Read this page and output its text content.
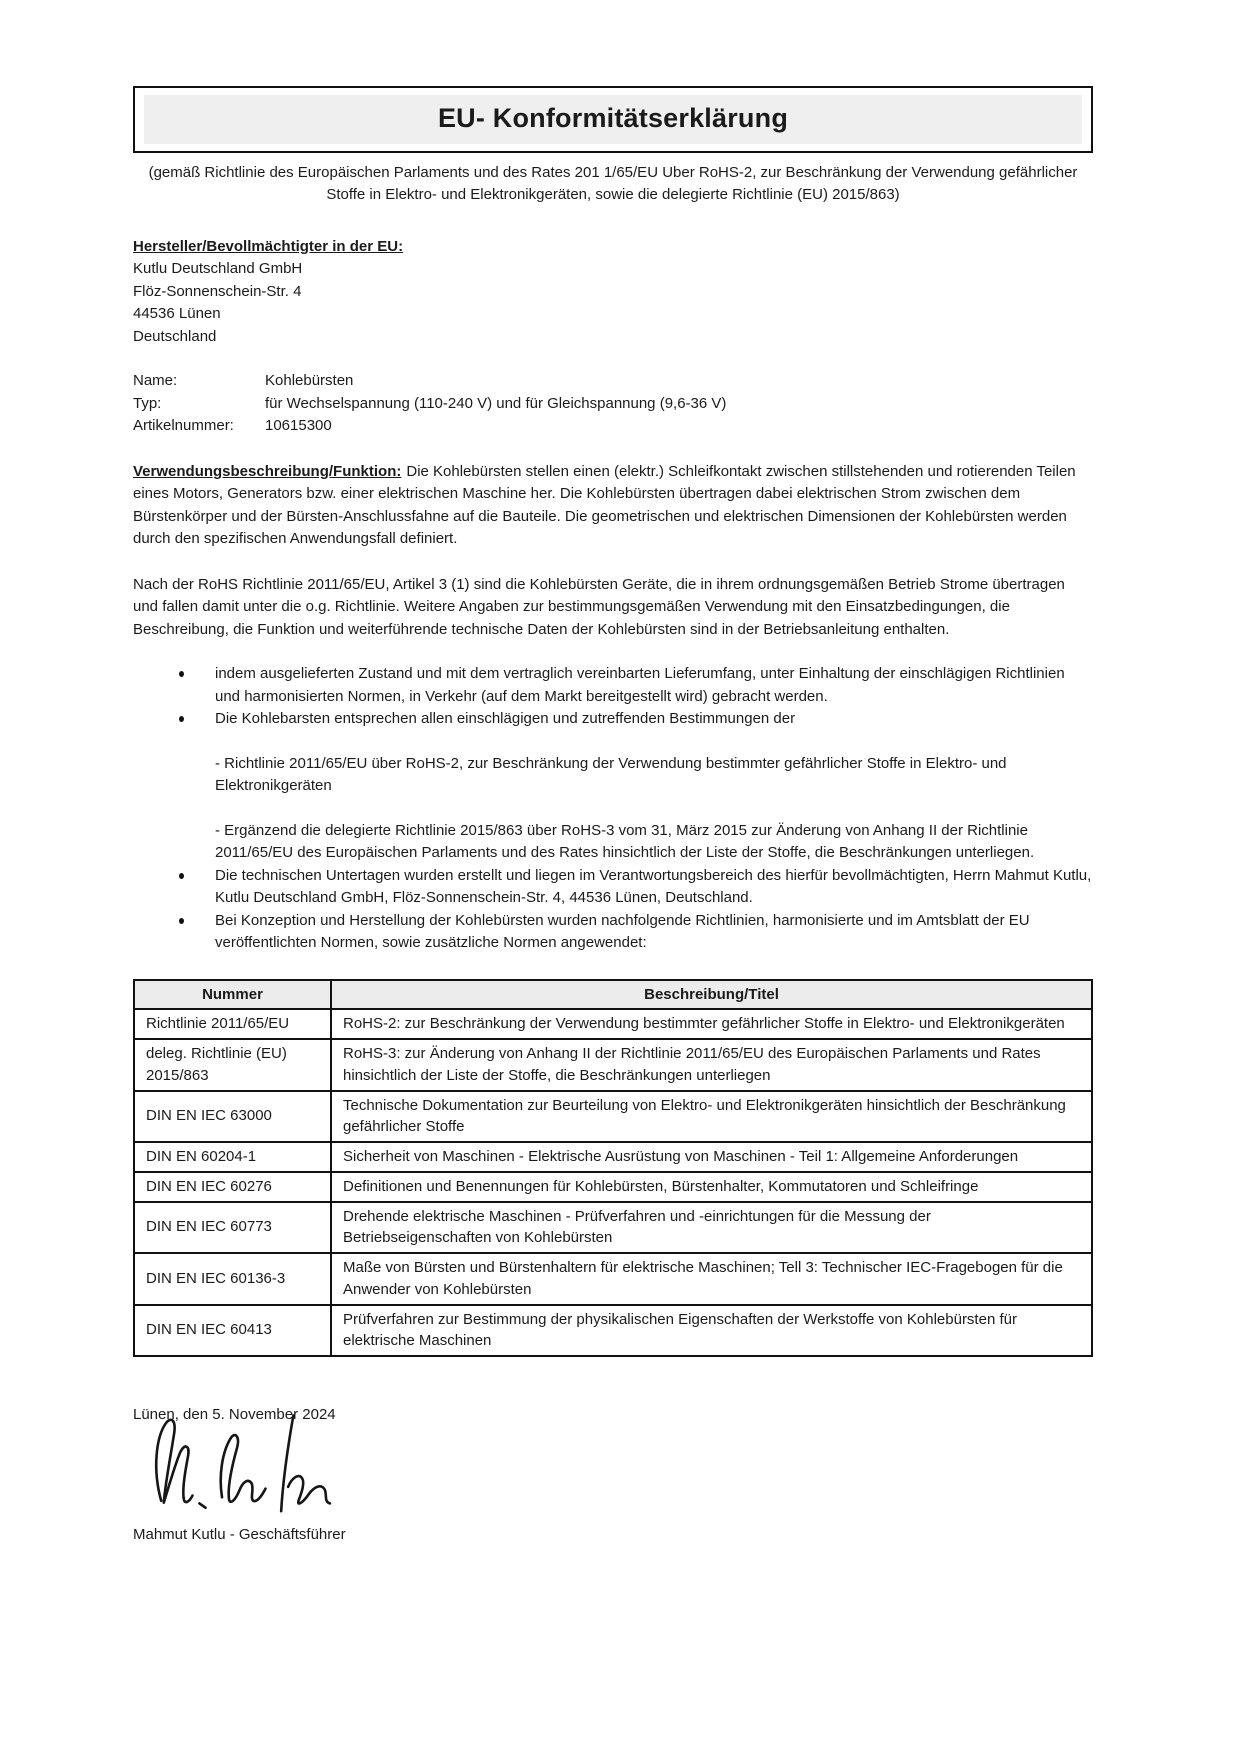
EU- Konformitätserklärung

(gemäß Richtlinie des Europäischen Parlaments und des Rates 201 1/65/EU Uber RoHS-2, zur Beschränkung der Verwendung gefährlicher Stoffe in Elektro- und Elektronikgeräten, sowie die delegierte Richtlinie (EU) 2015/863)

Hersteller/Bevollmächtigter in der EU:
Kutlu Deutschland GmbH
Flöz-Sonnenschein-Str. 4
44536 Lünen
Deutschland
Name:	Kohlebürsten
Typ:	für Wechselspannung (110-240 V) und für Gleichspannung (9,6-36 V)
Artikelnummer:	10615300

Verwendungsbeschreibung/Funktion: Die Kohlebürsten stellen einen (elektr.) Schleifkontakt zwischen stillstehenden und rotierenden Teilen eines Motors, Generators bzw. einer elektrischen Maschine her. Die Kohlebürsten übertragen dabei elektrischen Strom zwischen dem Bürstenkörper und der Bürsten-Anschlussfahne auf die Bauteile. Die geometrischen und elektrischen Dimensionen der Kohlebürsten werden durch den spezifischen Anwendungsfall definiert.

Nach der RoHS Richtlinie 2011/65/EU, Artikel 3 (1) sind die Kohlebürsten Geräte, die in ihrem ordnungsgemäßen Betrieb Strome übertragen und fallen damit unter die o.g. Richtlinie. Weitere Angaben zur bestimmungsgemäßen Verwendung mit den Einsatzbedingungen, die Beschreibung, die Funktion und weiterführende technische Daten der Kohlebürsten sind in der Betriebsanleitung enthalten.

indem ausgelieferten Zustand und mit dem vertraglich vereinbarten Lieferumfang, unter Einhaltung der einschlägigen Richtlinien und harmonisierten Normen, in Verkehr (auf dem Markt bereitgestellt wird) gebracht werden.
Die Kohlebarsten entsprechen allen einschlägigen und zutreffenden Bestimmungen der
- Richtlinie 2011/65/EU über RoHS-2, zur Beschränkung der Verwendung bestimmter gefährlicher Stoffe in Elektro- und Elektronikgeräten
- Ergänzend die delegierte Richtlinie 2015/863 über RoHS-3 vom 31, März 2015 zur Änderung von Anhang II der Richtlinie 2011/65/EU des Europäischen Parlaments und des Rates hinsichtlich der Liste der Stoffe, die Beschränkungen unterliegen.
Die technischen Untertagen wurden erstellt und liegen im Verantwortungsbereich des hierfür bevollmächtigten, Herrn Mahmut Kutlu, Kutlu Deutschland GmbH, Flöz-Sonnenschein-Str. 4, 44536 Lünen, Deutschland.
Bei Konzeption und Herstellung der Kohlebürsten wurden nachfolgende Richtlinien, harmonisierte und im Amtsblatt der EU veröffentlichten Normen, sowie zusätzliche Normen angewendet:
Nummer	Beschreibung/Titel
Richtlinie 2011/65/EU	RoHS-2: zur Beschränkung der Verwendung bestimmter gefährlicher Stoffe in Elektro- und Elektronikgeräten
deleg. Richtlinie (EU) 2015/863	RoHS-3: zur Änderung von Anhang II der Richtlinie 2011/65/EU des Europäischen Parlaments und Rates hinsichtlich der Liste der Stoffe, die Beschränkungen unterliegen
DIN EN IEC 63000	Technische Dokumentation zur Beurteilung von Elektro- und Elektronikgeräten hinsichtlich der Beschränkung gefährlicher Stoffe
DIN EN 60204-1	Sicherheit von Maschinen - Elektrische Ausrüstung von Maschinen - Teil 1: Allgemeine Anforderungen
DIN EN IEC 60276	Definitionen und Benennungen für Kohlebürsten, Bürstenhalter, Kommutatoren und Schleifringe
DIN EN IEC 60773	Drehende elektrische Maschinen - Prüfverfahren und -einrichtungen für die Messung der Betriebseigenschaften von Kohlebürsten
DIN EN IEC 60136-3	Maße von Bürsten und Bürstenhaltern für elektrische Maschinen; Tell 3: Technischer IEC-Fragebogen für die Anwender von Kohlebürsten
DIN EN IEC 60413	Prüfverfahren zur Bestimmung der physikalischen Eigenschaften der Werkstoffe von Kohlebürsten für elektrische Maschinen

Lünen, den 5. November 2024

Mahmut Kutlu - Geschäftsführer
